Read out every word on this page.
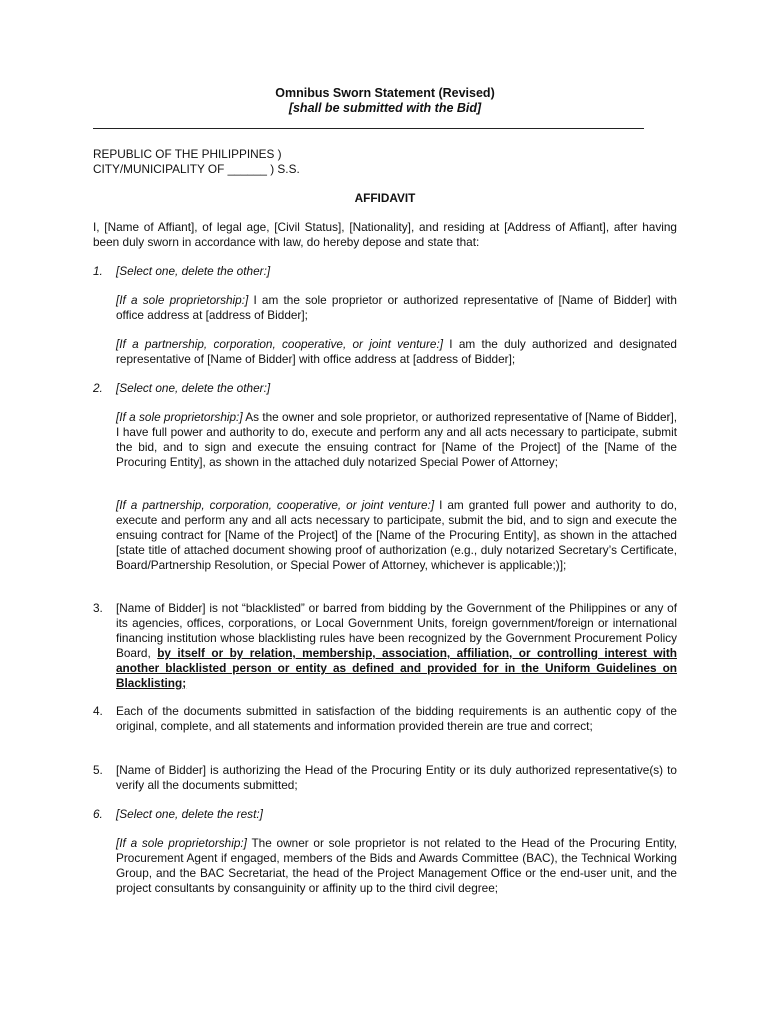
Omnibus Sworn Statement (Revised)
[shall be submitted with the Bid]
REPUBLIC OF THE PHILIPPINES )
CITY/MUNICIPALITY OF ______ ) S.S.
AFFIDAVIT
I, [Name of Affiant], of legal age, [Civil Status], [Nationality], and residing at [Address of Affiant], after having been duly sworn in accordance with law, do hereby depose and state that:
1.	[Select one, delete the other:]
[If a sole proprietorship:] I am the sole proprietor or authorized representative of [Name of Bidder] with office address at [address of Bidder];
[If a partnership, corporation, cooperative, or joint venture:] I am the duly authorized and designated representative of [Name of Bidder] with office address at [address of Bidder];
2.	[Select one, delete the other:]
[If a sole proprietorship:] As the owner and sole proprietor, or authorized representative of [Name of Bidder], I have full power and authority to do, execute and perform any and all acts necessary to participate, submit the bid, and to sign and execute the ensuing contract for [Name of the Project] of the [Name of the Procuring Entity], as shown in the attached duly notarized Special Power of Attorney;
[If a partnership, corporation, cooperative, or joint venture:] I am granted full power and authority to do, execute and perform any and all acts necessary to participate, submit the bid, and to sign and execute the ensuing contract for [Name of the Project] of the [Name of the Procuring Entity], as shown in the attached [state title of attached document showing proof of authorization (e.g., duly notarized Secretary’s Certificate, Board/Partnership Resolution, or Special Power of Attorney, whichever is applicable;)];
3.	[Name of Bidder] is not “blacklisted” or barred from bidding by the Government of the Philippines or any of its agencies, offices, corporations, or Local Government Units, foreign government/foreign or international financing institution whose blacklisting rules have been recognized by the Government Procurement Policy Board, by itself or by relation, membership, association, affiliation, or controlling interest with another blacklisted person or entity as defined and provided for in the Uniform Guidelines on Blacklisting;
4.	Each of the documents submitted in satisfaction of the bidding requirements is an authentic copy of the original, complete, and all statements and information provided therein are true and correct;
5.	[Name of Bidder] is authorizing the Head of the Procuring Entity or its duly authorized representative(s) to verify all the documents submitted;
6.	[Select one, delete the rest:]
[If a sole proprietorship:] The owner or sole proprietor is not related to the Head of the Procuring Entity, Procurement Agent if engaged, members of the Bids and Awards Committee (BAC), the Technical Working Group, and the BAC Secretariat, the head of the Project Management Office or the end-user unit, and the project consultants by consanguinity or affinity up to the third civil degree;
